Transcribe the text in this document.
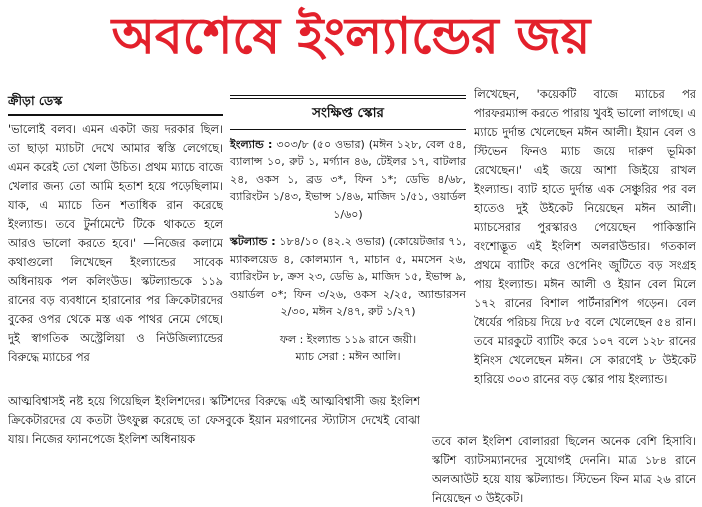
অবশেষে ইংল্যান্ডের জয়
ক্রীড়া ডেস্ক

'ভালোই বলব। এমন একটা জয় দরকার ছিল। তা ছাড়া ম্যাচটা দেখে আমার স্বস্তি লেগেছে। এমন করেই তো খেলা উচিত। প্রথম ম্যাচে বাজে খেলার জন্য তো আমি হতাশ হয়ে পড়েছিলাম। যাক, এ ম্যাচে তিন শতাধিক রান করেছে ইংল্যান্ড। তবে টুর্নামেন্টে টিকে থাকতে হলে আরও ভালো করতে হবে।' —নিজের কলামে কথাগুলো লিখেছেন ইংল্যান্ডের সাবেক অধিনায়ক পল কলিংউড। স্কটল্যান্ডকে ১১৯ রানের বড় ব্যবধানে হারানোর পর ক্রিকেটারদের বুকের ওপর থেকে মস্ত এক পাথর নেমে গেছে। দুই স্বাগতিক অস্ট্রেলিয়া ও নিউজিল্যান্ডের বিরুদ্ধে ম্যাচের পর

সংক্ষিপ্ত স্কোর

ইংল্যান্ড : ৩০৩/৮ (৫০ ওভার) (মঈন ১২৮, বেল ৫৪, ব্যালান্স ১০, রুট ১, মর্গ্যান ৪৬, টেইলর ১৭, বাটলার ২৪, ওকস ১, ব্রড ৩*, ফিন ১*; ডেভি ৪/৬৮, ব্যারিংটন ১/৪৩, ইভান্স ১/৪৬, মাজিদ ১/৫১, ওয়ার্ডল ১/৬০)

স্কটল্যান্ড : ১৮৪/১০ (৪২.২ ওভার) (কোয়েটজার ৭১, ম্যাকলয়েড ৪, কোলম্যান ৭, মাচান ৫, মমসেন ২৬, ব্যারিংটন ৮, ক্রস ২৩, ডেভি ৯, মাজিদ ১৫, ইভান্স ৯, ওয়ার্ডল ০*; ফিন ৩/২৬, ওকস ২/২৫, অ্যান্ডারসন ২/৩০, মঈন ২/৪৭, রুট ১/২৭)

ফল : ইংল্যান্ড ১১৯ রানে জয়ী।
ম্যাচ সেরা : মঈন আলি।

লিখেছেন, 'কয়েকটি বাজে ম্যাচের পর পারফরম্যান্স করতে পারায় খুবই ভালো লাগছে। এ ম্যাচে দুর্দান্ত খেলেছেন মঈন আলী। ইয়ান বেল ও স্টিভেন ফিনও ম্যাচ জয়ে দারুণ ভূমিকা রেখেছেন।' এই জয়ে আশা জিইয়ে রাখল ইংল্যান্ড। ব্যাট হাতে দুর্দান্ত এক সেঞ্চুরির পর বল হাতেও দুই উইকেট নিয়েছেন মঈন আলী। ম্যাচসেরার পুরস্কারও পেয়েছেন পাকিস্তানি বংশোদ্ভূত এই ইংলিশ অলরাউন্ডার। গতকাল প্রথমে ব্যাটিং করে ওপেনিং জুটিতে বড় সংগ্রহ পায় ইংল্যান্ড। মঈন আলী ও ইয়ান বেল মিলে ১৭২ রানের বিশাল পার্টনারশিপ গড়েন। বেল ধৈর্যের পরিচয় দিয়ে ৮৫ বলে খেলেছেন ৫৪ রান। তবে মারকুটে ব্যাটিং করে ১০৭ বলে ১২৮ রানের ইনিংস খেলেছেন মঈন। সে কারণেই ৮ উইকেট হারিয়ে ৩০৩ রানের বড় স্কোর পায় ইংল্যান্ড।

আত্মবিশ্বাসই নষ্ট হয়ে গিয়েছিল ইংলিশদের। স্কটিশদের বিরুদ্ধে এই আত্মবিশ্বাসী জয় ইংলিশ ক্রিকেটারদের যে কতটা উৎফুল্ল করেছে তা ফেসবুকে ইয়ান মরগানের স্ট্যাটাস দেখেই বোঝা যায়। নিজের ফ্যানপেজে ইংলিশ অধিনায়ক	তবে কাল ইংলিশ বোলাররা ছিলেন অনেক বেশি হিসাবি। স্কটিশ ব্যাটসম্যানদের সুযোগই দেননি। মাত্র ১৮৪ রানে অলআউট হয়ে যায় স্কটল্যান্ড। স্টিভেন ফিন মাত্র ২৬ রানে নিয়েছেন ৩ উইকেট।
